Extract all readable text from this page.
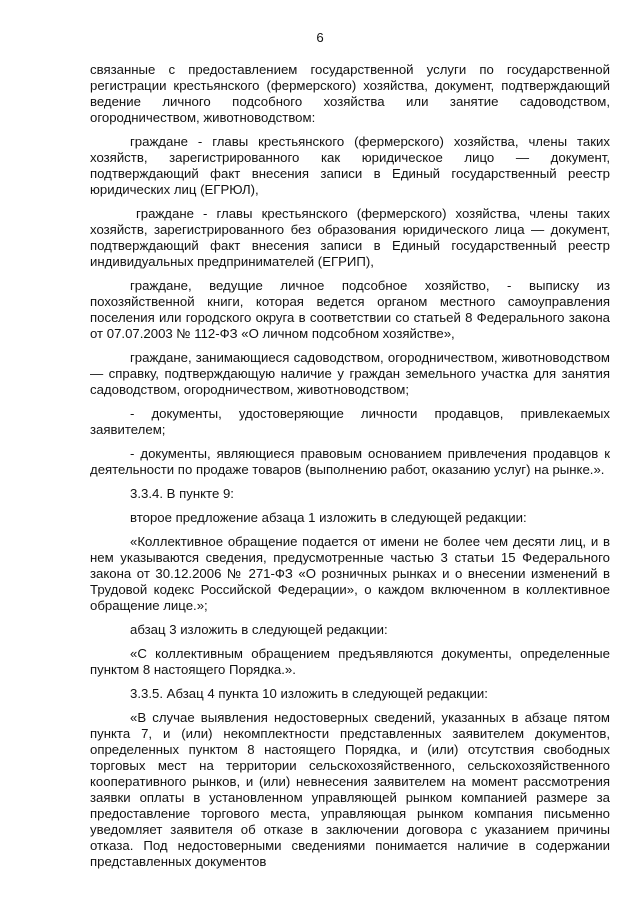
6

связанные с предоставлением государственной услуги по государственной регистрации крестьянского (фермерского) хозяйства, документ, подтверждающий ведение личного подсобного хозяйства или занятие садоводством, огородничеством, животноводством:

граждане - главы крестьянского (фермерского) хозяйства, члены таких хозяйств, зарегистрированного как юридическое лицо — документ, подтверждающий факт внесения записи в Единый государственный реестр юридических лиц (ЕГРЮЛ),

граждане - главы крестьянского (фермерского) хозяйства, члены таких хозяйств, зарегистрированного без образования юридического лица — документ, подтверждающий факт внесения записи в Единый государственный реестр индивидуальных предпринимателей (ЕГРИП),

граждане, ведущие личное подсобное хозяйство, - выписку из похозяйственной книги, которая ведется органом местного самоуправления поселения или городского округа в соответствии со статьей 8 Федерального закона от 07.07.2003 № 112-ФЗ «О личном подсобном хозяйстве»,

граждане, занимающиеся садоводством, огородничеством, животноводством — справку, подтверждающую наличие у граждан земельного участка для занятия садоводством, огородничеством, животноводством;

- документы, удостоверяющие личности продавцов, привлекаемых заявителем;

- документы, являющиеся правовым основанием привлечения продавцов к деятельности по продаже товаров (выполнению работ, оказанию услуг) на рынке.».

3.3.4. В пункте 9:

второе предложение абзаца 1 изложить в следующей редакции:

«Коллективное обращение подается от имени не более чем десяти лиц, и в нем указываются сведения, предусмотренные частью 3 статьи 15 Федерального закона от 30.12.2006 № 271-ФЗ «О розничных рынках и о внесении изменений в Трудовой кодекс Российской Федерации», о каждом включенном в коллективное обращение лице.»;

абзац 3 изложить в следующей редакции:

«С коллективным обращением предъявляются документы, определенные пунктом 8 настоящего Порядка.».

3.3.5. Абзац 4 пункта 10 изложить в следующей редакции:

«В случае выявления недостоверных сведений, указанных в абзаце пятом пункта 7, и (или) некомплектности представленных заявителем документов, определенных пунктом 8 настоящего Порядка, и (или) отсутствия свободных торговых мест на территории сельскохозяйственного, сельскохозяйственного кооперативного рынков, и (или) невнесения заявителем на момент рассмотрения заявки оплаты в установленном управляющей рынком компанией размере за предоставление торгового места, управляющая рынком компания письменно уведомляет заявителя об отказе в заключении договора с указанием причины отказа. Под недостоверными сведениями понимается наличие в содержании представленных документов
